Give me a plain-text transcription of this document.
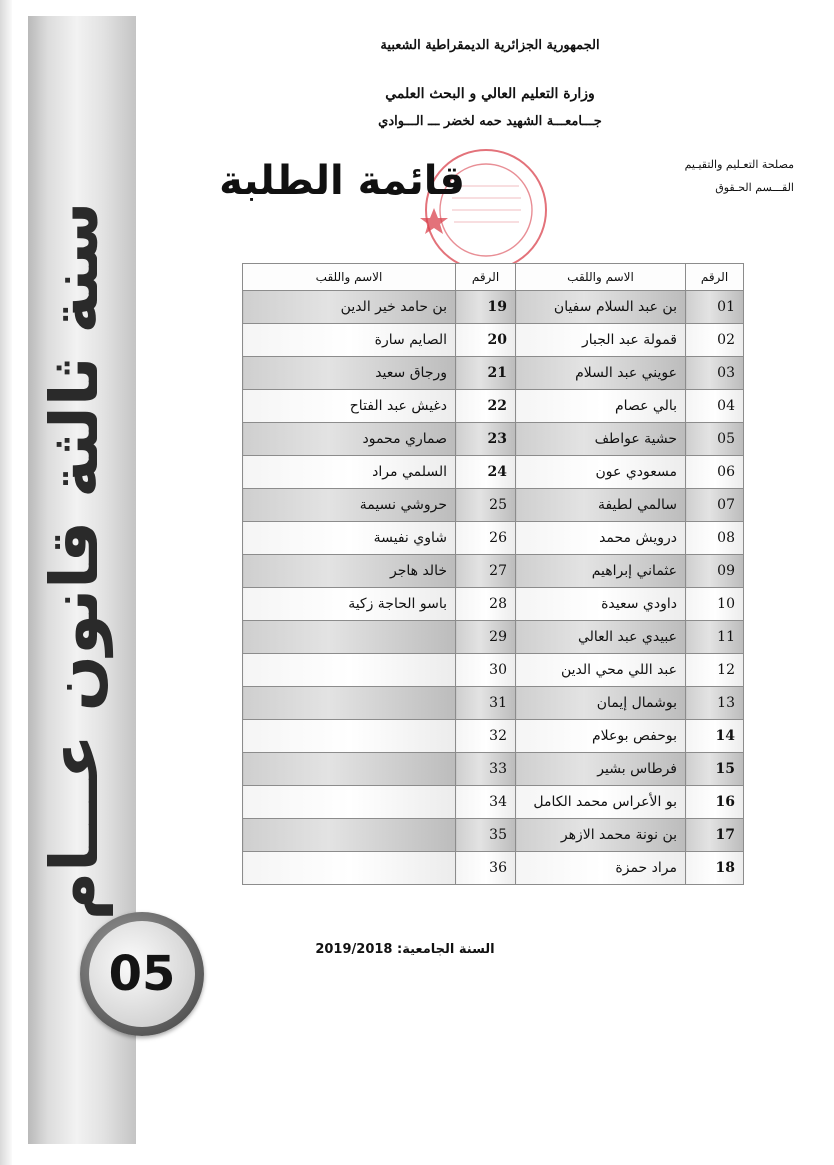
سنة ثالثة قانون عـــام
05
الجمهورية الجزائرية الديمقراطية الشعبية
وزارة التعليم العالي و البحث العلمي
جـــامعـــة الشهيد حمه لخضر ـــ الـــوادي
مصلحة التعـليم والتقيـيم
القـــسم الحـقوق
قائمة الطلبة
الرقم	الاسم واللقب	الرقم	الاسم واللقب
01	بن عبد السلام سفيان	19	بن حامد خير الدين
02	قمولة عبد الجبار	20	الصايم سارة
03	عويني عبد السلام	21	ورجاق سعيد
04	بالي عصام	22	دغيش عبد الفتاح
05	حشية عواطف	23	صماري محمود
06	مسعودي عون	24	السلمي مراد
07	سالمي لطيفة	25	حروشي نسيمة
08	درويش محمد	26	شاوي نفيسة
09	عثماني إبراهيم	27	خالد هاجر
10	داودي سعيدة	28	باسو الحاجة زكية
11	عبيدي عبد العالي	29	
12	عبد اللي محي الدين	30	
13	بوشمال إيمان	31	
14	بوحفص بوعلام	32	
15	فرطاس بشير	33	
16	بو الأعراس محمد الكامل	34	
17	بن نونة محمد الازهر	35	
18	مراد حمزة	36	
السنة الجامعية: 2019/2018
